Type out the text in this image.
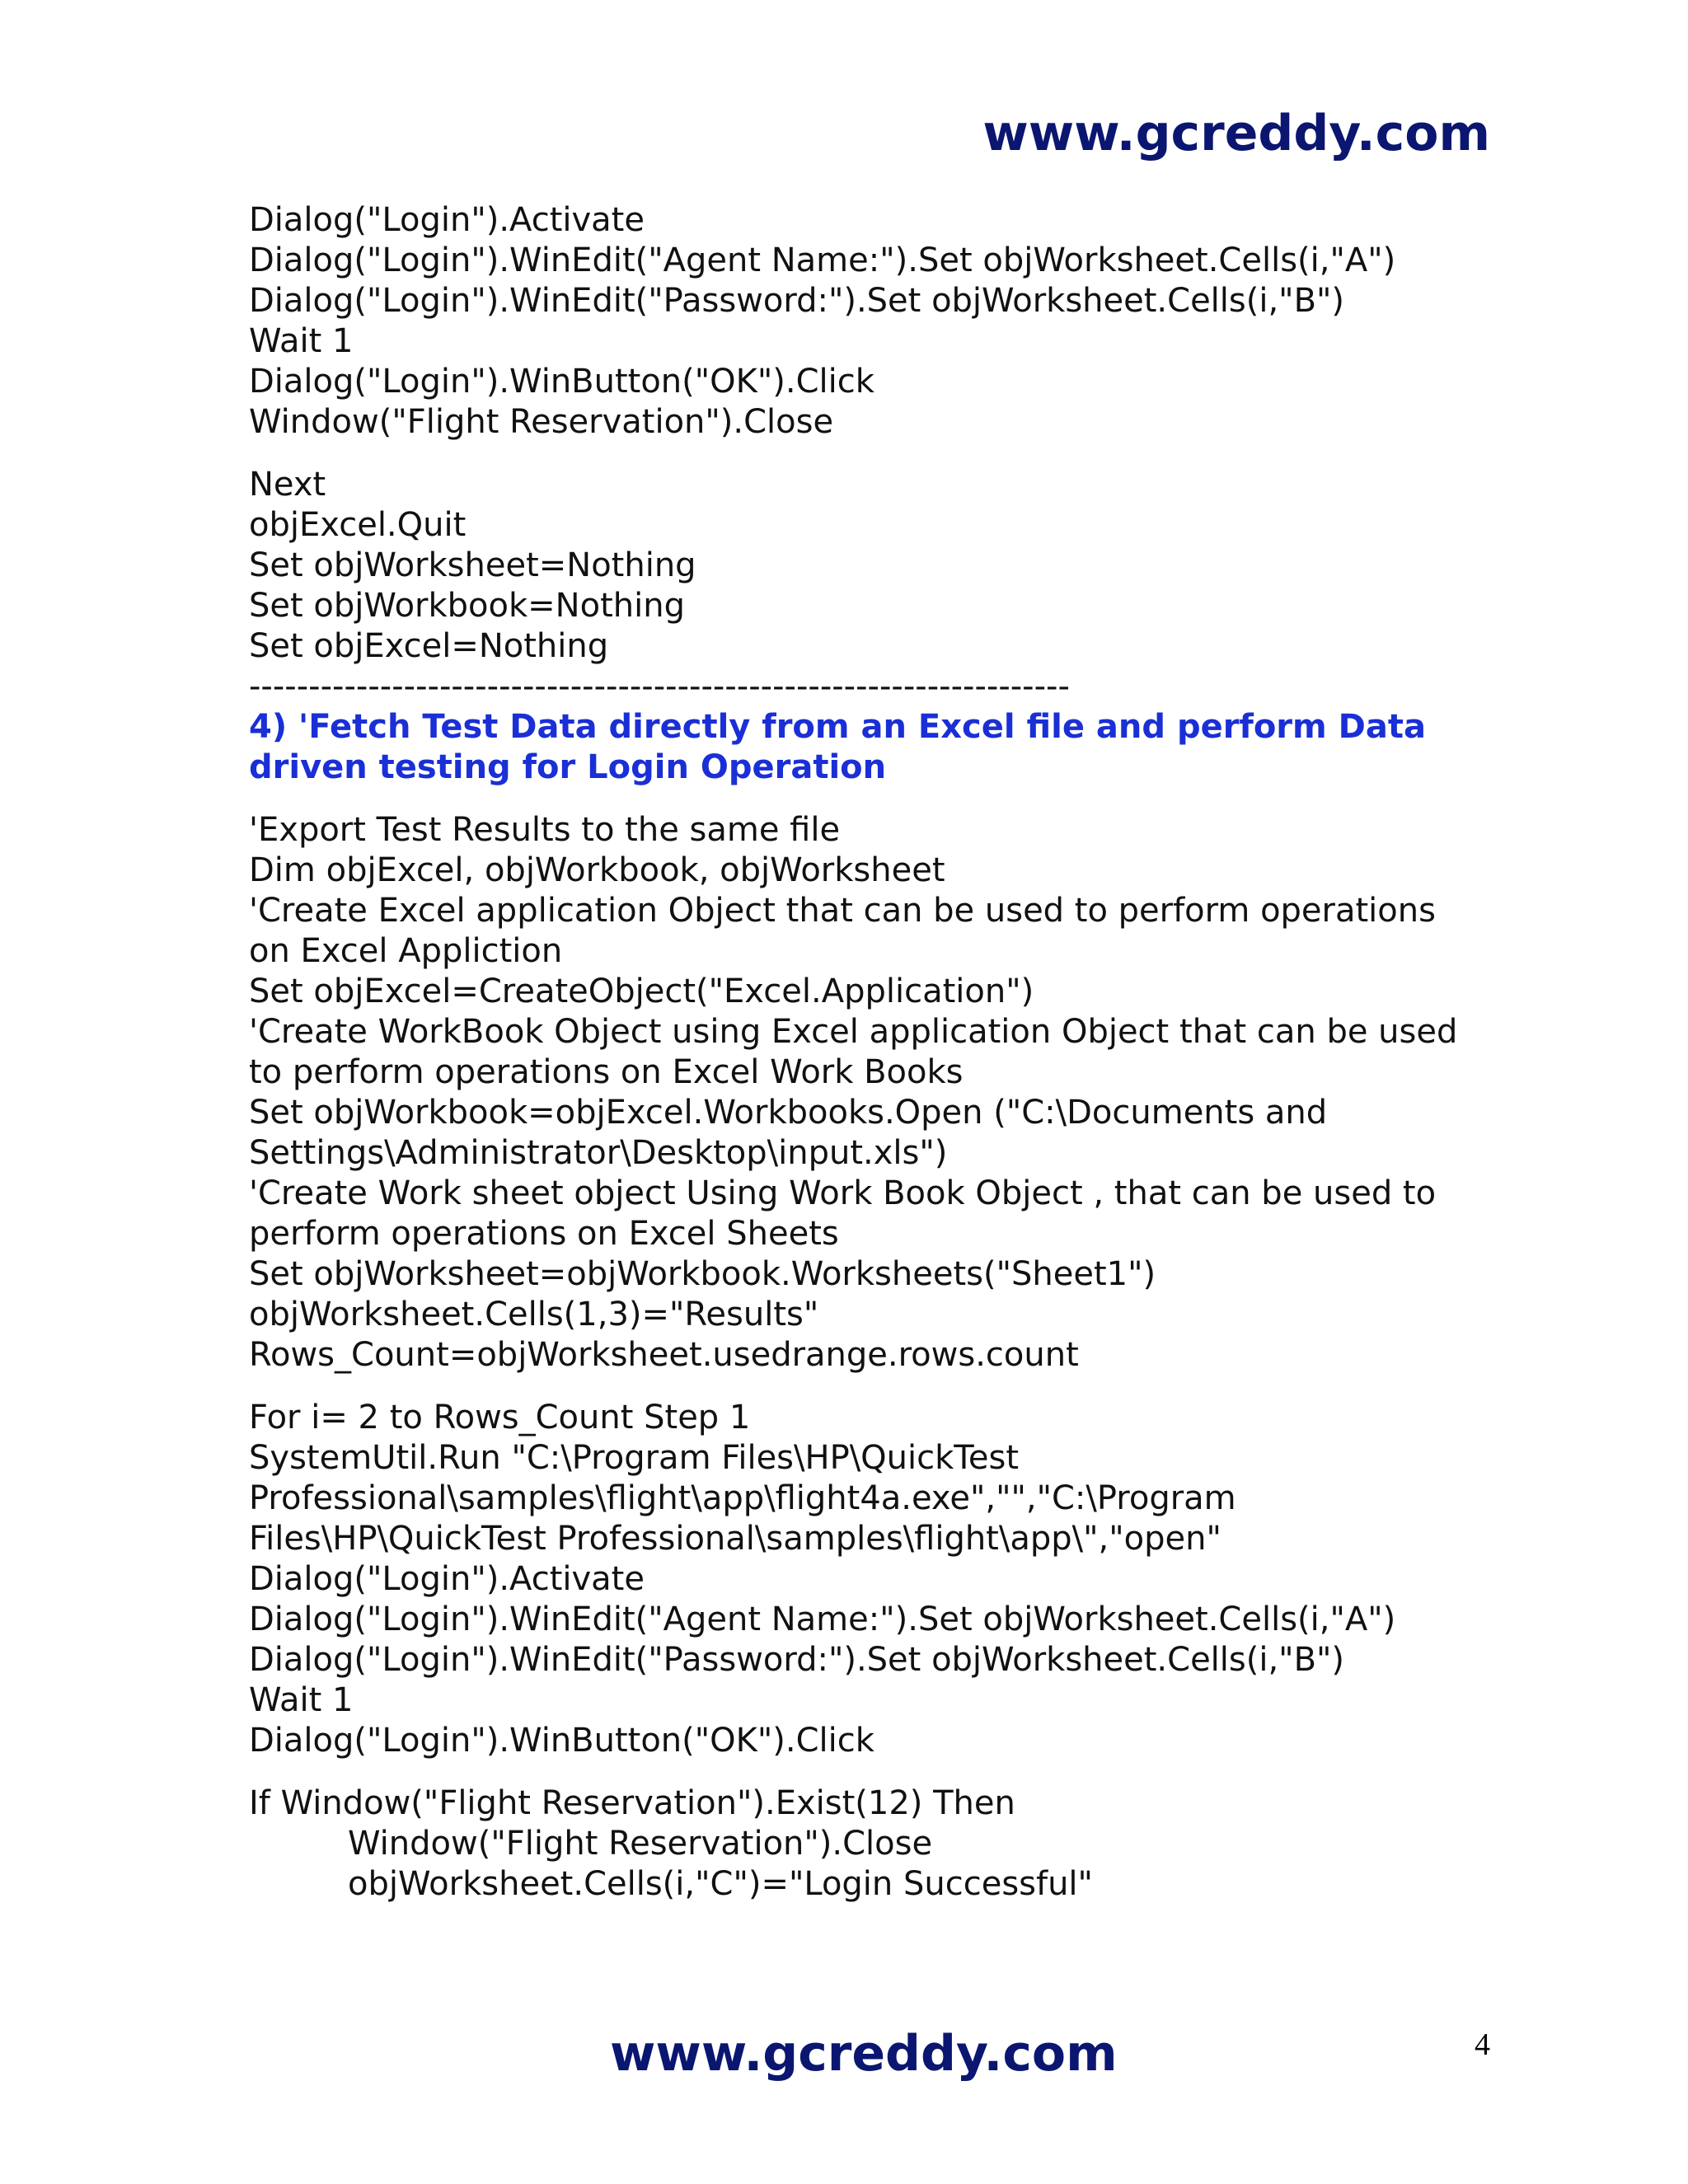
www.gcreddy.com
Dialog("Login").Activate
Dialog("Login").WinEdit("Agent Name:").Set objWorksheet.Cells(i,"A")
Dialog("Login").WinEdit("Password:").Set objWorksheet.Cells(i,"B")
Wait 1
Dialog("Login").WinButton("OK").Click
Window("Flight Reservation").Close
Next
objExcel.Quit
Set objWorksheet=Nothing
Set objWorkbook=Nothing
Set objExcel=Nothing
---------------------------------------------------------------------
4) 'Fetch Test Data directly from an Excel file and perform Data
driven testing for Login Operation
'Export Test Results to the same file
Dim objExcel, objWorkbook, objWorksheet
'Create Excel application Object that can be used to perform operations
on Excel Appliction
Set objExcel=CreateObject("Excel.Application")
'Create WorkBook Object using Excel application Object that can be used
to perform operations on Excel Work Books
Set objWorkbook=objExcel.Workbooks.Open ("C:\Documents and
Settings\Administrator\Desktop\input.xls")
'Create Work sheet object Using Work Book Object , that can be used to
perform operations on Excel Sheets
Set objWorksheet=objWorkbook.Worksheets("Sheet1")
objWorksheet.Cells(1,3)="Results"
Rows_Count=objWorksheet.usedrange.rows.count
For i= 2 to Rows_Count Step 1
SystemUtil.Run "C:\Program Files\HP\QuickTest
Professional\samples\flight\app\flight4a.exe","","C:\Program
Files\HP\QuickTest Professional\samples\flight\app\","open"
Dialog("Login").Activate
Dialog("Login").WinEdit("Agent Name:").Set objWorksheet.Cells(i,"A")
Dialog("Login").WinEdit("Password:").Set objWorksheet.Cells(i,"B")
Wait 1
Dialog("Login").WinButton("OK").Click
If Window("Flight Reservation").Exist(12) Then
Window("Flight Reservation").Close
objWorksheet.Cells(i,"C")="Login Successful"
www.gcreddy.com	4
